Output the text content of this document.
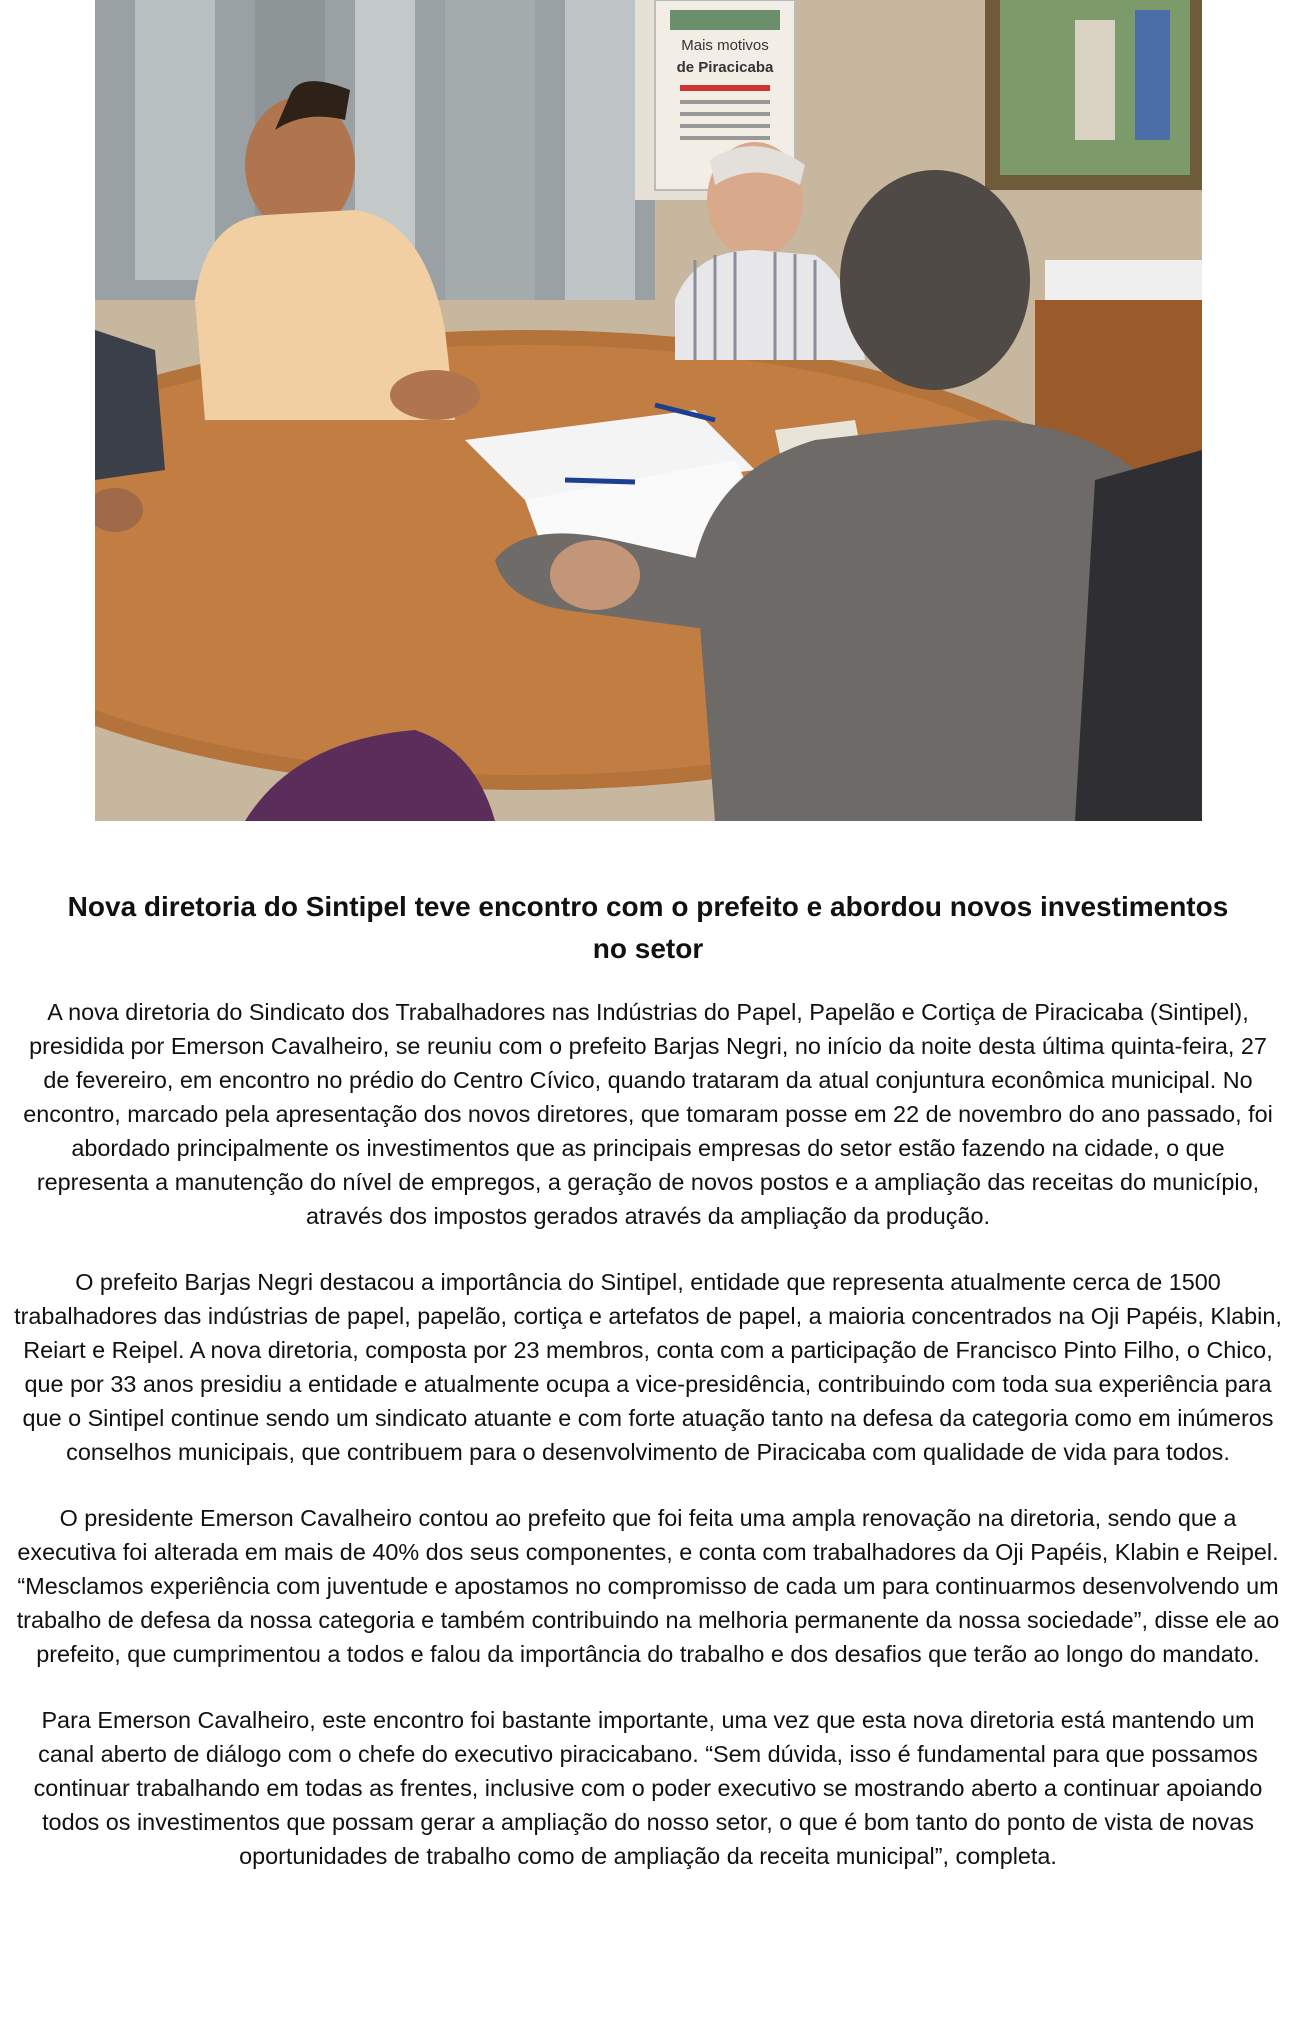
Mais motivos
de Piracicaba
Nova diretoria do Sintipel teve encontro com o prefeito e abordou novos investimentos no setor

A nova diretoria do Sindicato dos Trabalhadores nas Indústrias do Papel, Papelão e Cortiça de Piracicaba (Sintipel), presidida por Emerson Cavalheiro, se reuniu com o prefeito Barjas Negri, no início da noite desta última quinta-feira, 27 de fevereiro, em encontro no prédio do Centro Cívico, quando trataram da atual conjuntura econômica municipal. No encontro, marcado pela apresentação dos novos diretores, que tomaram posse em 22 de novembro do ano passado, foi abordado principalmente os investimentos que as principais empresas do setor estão fazendo na cidade, o que representa a manutenção do nível de empregos, a geração de novos postos e a ampliação das receitas do município, através dos impostos gerados através da ampliação da produção.

O prefeito Barjas Negri destacou a importância do Sintipel, entidade que representa atualmente cerca de 1500 trabalhadores das indústrias de papel, papelão, cortiça e artefatos de papel, a maioria concentrados na Oji Papéis, Klabin, Reiart e Reipel. A nova diretoria, composta por 23 membros, conta com a participação de Francisco Pinto Filho, o Chico, que por 33 anos presidiu a entidade e atualmente ocupa a vice-presidência, contribuindo com toda sua experiência para que o Sintipel continue sendo um sindicato atuante e com forte atuação tanto na defesa da categoria como em inúmeros conselhos municipais, que contribuem para o desenvolvimento de Piracicaba com qualidade de vida para todos.

O presidente Emerson Cavalheiro contou ao prefeito que foi feita uma ampla renovação na diretoria, sendo que a executiva foi alterada em mais de 40% dos seus componentes, e conta com trabalhadores da Oji Papéis, Klabin e Reipel. “Mesclamos experiência com juventude e apostamos no compromisso de cada um para continuarmos desenvolvendo um trabalho de defesa da nossa categoria e também contribuindo na melhoria permanente da nossa sociedade”, disse ele ao prefeito, que cumprimentou a todos e falou da importância do trabalho e dos desafios que terão ao longo do mandato.

Para Emerson Cavalheiro, este encontro foi bastante importante, uma vez que esta nova diretoria está mantendo um canal aberto de diálogo com o chefe do executivo piracicabano. “Sem dúvida, isso é fundamental para que possamos continuar trabalhando em todas as frentes, inclusive com o poder executivo se mostrando aberto a continuar apoiando todos os investimentos que possam gerar a ampliação do nosso setor, o que é bom tanto do ponto de vista de novas oportunidades de trabalho como de ampliação da receita municipal”, completa.
